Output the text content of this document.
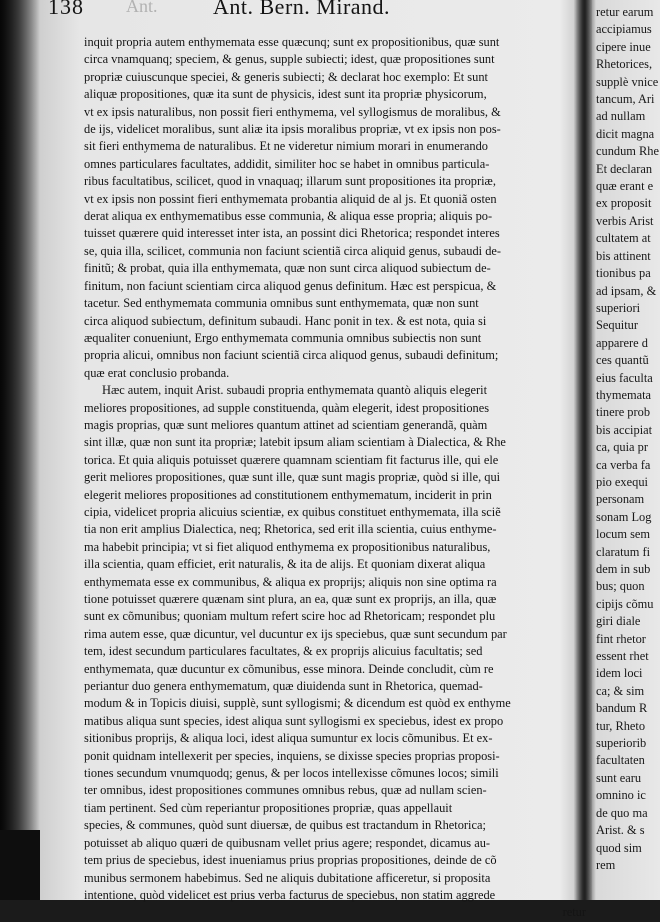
138 Ant.	Ant. Bern. Mirand.
inquit propria autem enthymemata esse quæcunq; sunt ex propositionibus, quæ sunt
circa vnamquanq; speciem, & genus, supple subiecti; idest, quæ propositiones sunt
propriæ cuiuscunque speciei, & generis subiecti; & declarat hoc exemplo: Et sunt
aliquæ propositiones, quæ ita sunt de physicis, idest sunt ita propriæ physicorum,
vt ex ipsis naturalibus, non possit fieri enthymema, vel syllogismus de moralibus, &
de ijs, videlicet moralibus, sunt aliæ ita ipsis moralibus propriæ, vt ex ipsis non pos-
sit fieri enthymema de naturalibus. Et ne videretur nimium morari in enumerando
omnes particulares facultates, addidit, similiter hoc se habet in omnibus particula-
ribus facultatibus, scilicet, quod in vnaquaq; illarum sunt propositiones ita propriæ,
vt ex ipsis non possint fieri enthymemata probantia aliquid de al js. Et quoniã osten
derat aliqua ex enthymematibus esse communia, & aliqua esse propria; aliquis po-
tuisset quærere quid interesset inter ista, an possint dici Rhetorica; respondet interes
se, quia illa, scilicet, communia non faciunt scientiã circa aliquid genus, subaudi de-
finitũ; & probat, quia illa enthymemata, quæ non sunt circa aliquod subiectum de-
finitum, non faciunt scientiam circa aliquod genus definitum. Hæc est perspicua, &
tacetur. Sed enthymemata communia omnibus sunt enthymemata, quæ non sunt
circa aliquod subiectum, definitum subaudi. Hanc ponit in tex. & est nota, quia si
æqualiter conueniunt, Ergo enthymemata communia omnibus subiectis non sunt
propria alicui, omnibus non faciunt scientiã circa aliquod genus, subaudi definitum;
quæ erat conclusio probanda.
Hæc autem, inquit Arist. subaudi propria enthymemata quantò aliquis elegerit
meliores propositiones, ad supple constituenda, quàm elegerit, idest propositiones
magis proprias, quæ sunt meliores quantum attinet ad scientiam generandã, quàm
sint illæ, quæ non sunt ita propriæ; latebit ipsum aliam scientiam à Dialectica, & Rhe
torica. Et quia aliquis potuisset quærere quamnam scientiam fit facturus ille, qui ele
gerit meliores propositiones, quæ sunt ille, quæ sunt magis propriæ, quòd si ille, qui
elegerit meliores propositiones ad constitutionem enthymematum, inciderit in prin
cipia, videlicet propria alicuius scientiæ, ex quibus constituet enthymemata, illa sciẽ
tia non erit amplius Dialectica, neq; Rhetorica, sed erit illa scientia, cuius enthyme-
ma habebit principia; vt si fiet aliquod enthymema ex propositionibus naturalibus,
illa scientia, quam efficiet, erit naturalis, & ita de alijs. Et quoniam dixerat aliqua
enthymemata esse ex communibus, & aliqua ex proprijs; aliquis non sine optima ra
tione potuisset quærere quænam sint plura, an ea, quæ sunt ex proprijs, an illa, quæ
sunt ex cõmunibus; quoniam multum refert scire hoc ad Rhetoricam; respondet plu
rima autem esse, quæ dicuntur, vel ducuntur ex ijs speciebus, quæ sunt secundum par
tem, idest secundum particulares facultates, & ex proprijs alicuius facultatis; sed
enthymemata, quæ ducuntur ex cõmunibus, esse minora. Deinde concludit, cùm re
periantur duo genera enthymematum, quæ diuidenda sunt in Rhetorica, quemad-
modum & in Topicis diuisi, supplè, sunt syllogismi; & dicendum est quòd ex enthyme
matibus aliqua sunt species, idest aliqua sunt syllogismi ex speciebus, idest ex propo
sitionibus proprijs, & aliqua loci, idest aliqua sumuntur ex locis cõmunibus. Et ex-
ponit quidnam intellexerit per species, inquiens, se dixisse species proprias proposi-
tiones secundum vnumquodq; genus, & per locos intellexisse cõmunes locos; simili
ter omnibus, idest propositiones communes omnibus rebus, quæ ad nullam scien-
tiam pertinent. Sed cùm reperiantur propositiones propriæ, quas appellauit
species, & communes, quòd sunt diuersæ, de quibus est tractandum in Rhetorica;
potuisset ab aliquo quæri de quibusnam vellet prius agere; respondet, dicamus au-
tem prius de speciebus, idest inueniamus prius proprias propositiones, deinde de cõ
munibus sermonem habebimus. Sed ne aliquis dubitatione afficeretur, si proposita
intentione, quòd videlicet est prius verba facturus de speciebus, non statim aggrede
retur
retur earum
accipiamus
cipere inue
Rhetorices,
supplè vnice
tancum, Ari
ad nullam
dicit magna
cundum Rhe
Et declaran
quæ erant e
ex proposit
verbis Arist
cultatem at
bis attinent
tionibus pa
ad ipsam, &
superiori
Sequitur
apparere d
ces quantũ
eius faculta
thymemata
tinere prob
bis accipiat
ca, quia pr
ca verba fa
pio exequi
personam
sonam Log
locum sem
claratum fi
dem in sub
bus; quon
cipijs cõmu
giri diale
fint rhetor
essent rhet
idem loci
ca; & sim
bandum R
tur, Rheto
superiorib
facultaten
sunt earu
omnino ic
de quo ma
Arist. & s
quod sim
rem
